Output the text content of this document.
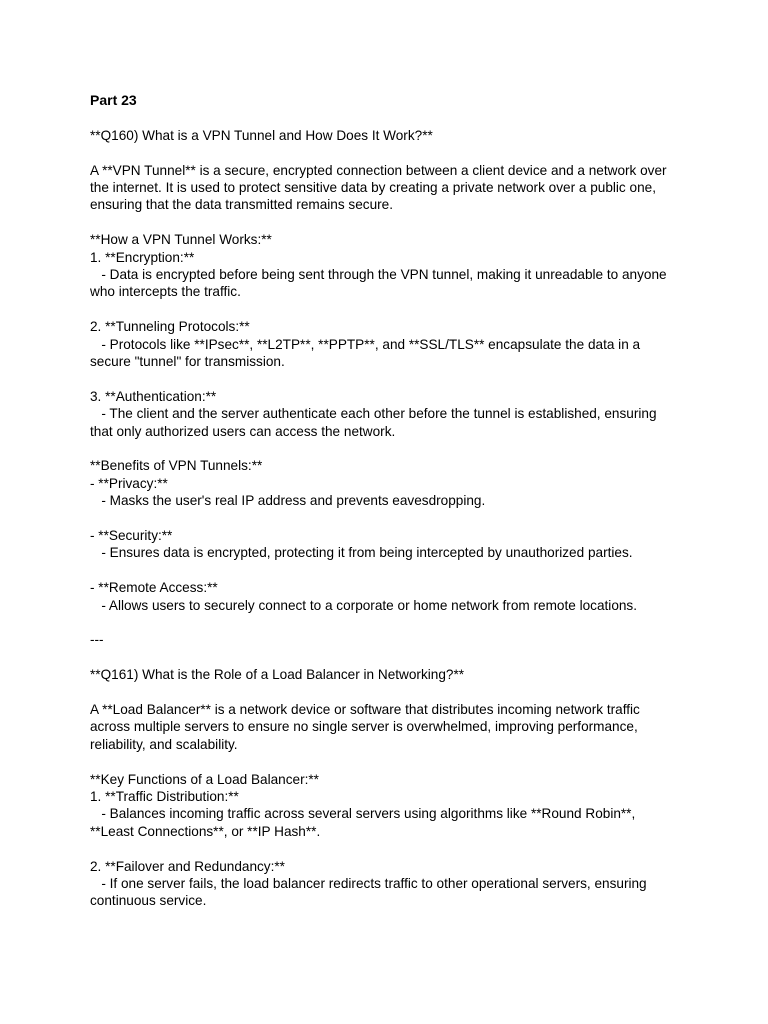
Part 23

**Q160) What is a VPN Tunnel and How Does It Work?**

A **VPN Tunnel** is a secure, encrypted connection between a client device and a network over

the internet. It is used to protect sensitive data by creating a private network over a public one,

ensuring that the data transmitted remains secure.

**How a VPN Tunnel Works:**

1. **Encryption:**

- Data is encrypted before being sent through the VPN tunnel, making it unreadable to anyone

who intercepts the traffic.

2. **Tunneling Protocols:**

- Protocols like **IPsec**, **L2TP**, **PPTP**, and **SSL/TLS** encapsulate the data in a

secure "tunnel" for transmission.

3. **Authentication:**

- The client and the server authenticate each other before the tunnel is established, ensuring

that only authorized users can access the network.

**Benefits of VPN Tunnels:**

- **Privacy:**

- Masks the user's real IP address and prevents eavesdropping.

- **Security:**

- Ensures data is encrypted, protecting it from being intercepted by unauthorized parties.

- **Remote Access:**

- Allows users to securely connect to a corporate or home network from remote locations.

---

**Q161) What is the Role of a Load Balancer in Networking?**

A **Load Balancer** is a network device or software that distributes incoming network traffic

across multiple servers to ensure no single server is overwhelmed, improving performance,

reliability, and scalability.

**Key Functions of a Load Balancer:**

1. **Traffic Distribution:**

- Balances incoming traffic across several servers using algorithms like **Round Robin**,

**Least Connections**, or **IP Hash**.

2. **Failover and Redundancy:**

- If one server fails, the load balancer redirects traffic to other operational servers, ensuring

continuous service.
